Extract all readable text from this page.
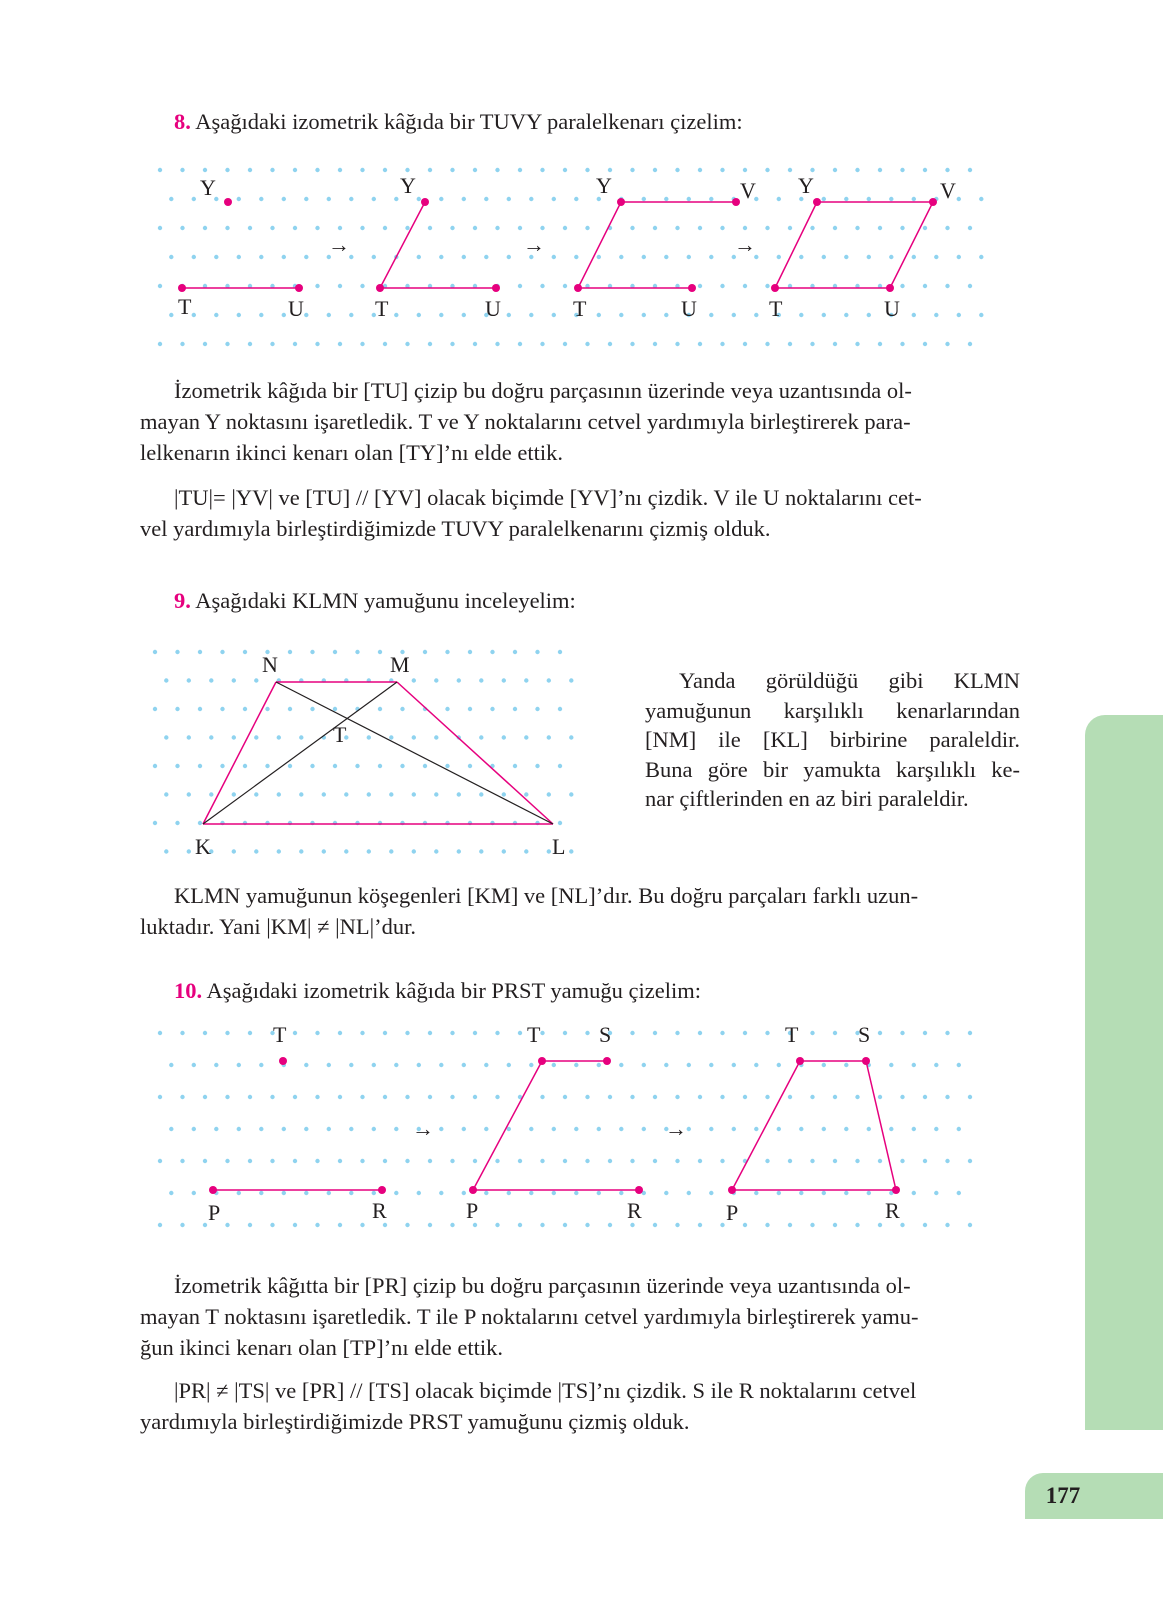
177

8. Aşağıdaki izometrik kâğıda bir TUVY paralelkenarı çizelim:

Y
T	U
→
Y
T	U
→
Y	V
T	U
→
Y	V
T	U
İzometrik kâğıda bir [TU] çizip bu doğru parçasının üzerinde veya uzantısında ol-
mayan Y noktasını işaretledik. T ve Y noktalarını cetvel yardımıyla birleştirerek para-
lelkenarın ikinci kenarı olan [TY]’nı elde ettik.
|TU|= |YV| ve [TU] // [YV] olacak biçimde [YV]’nı çizdik. V ile U noktalarını cet-
vel yardımıyla birleştirdiğimizde TUVY paralelkenarını çizmiş olduk.

9. Aşağıdaki KLMN yamuğunu inceleyelim:

N	M
T
K	L
Yanda görüldüğü gibi KLMN
yamuğunun karşılıklı kenarlarından
[NM] ile [KL] birbirine paraleldir.
Buna göre bir yamukta karşılıklı ke-
nar çiftlerinden en az biri paraleldir.
KLMN yamuğunun köşegenleri [KM] ve [NL]’dır. Bu doğru parçaları farklı uzun-
luktadır. Yani |KM| ≠ |NL|’dur.

10. Aşağıdaki izometrik kâğıda bir PRST yamuğu çizelim:

T
P	R
→
T	S
P	R
→
T	S
P	R
İzometrik kâğıtta bir [PR] çizip bu doğru parçasının üzerinde veya uzantısında ol-
mayan T noktasını işaretledik. T ile P noktalarını cetvel yardımıyla birleştirerek yamu-
ğun ikinci kenarı olan [TP]’nı elde ettik.
|PR| ≠ |TS| ve [PR] // [TS] olacak biçimde |TS]’nı çizdik. S ile R noktalarını cetvel
yardımıyla birleştirdiğimizde PRST yamuğunu çizmiş olduk.
